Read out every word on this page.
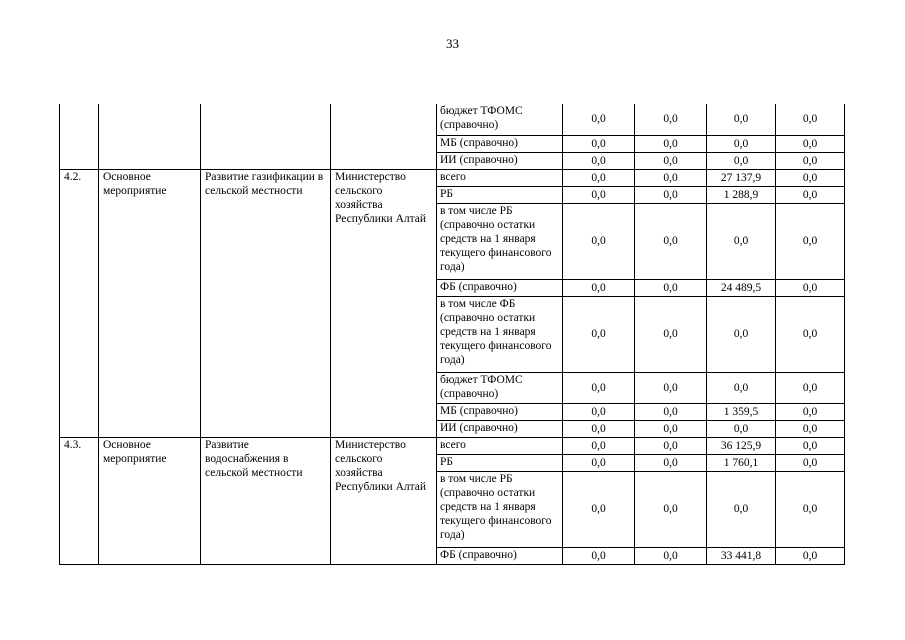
33
				бюджет ТФОМС (справочно)	0,0	0,0	0,0	0,0
				МБ (справочно)	0,0	0,0	0,0	0,0
				ИИ (справочно)	0,0	0,0	0,0	0,0
4.2.	Основное мероприятие	Развитие газификации в сельской местности	Министерство сельского хозяйства Республики Алтай	всего	0,0	0,0	27 137,9	0,0
				РБ	0,0	0,0	1 288,9	0,0
				в том числе РБ (справочно остатки средств на 1 января текущего финансового года)	0,0	0,0	0,0	0,0
				ФБ (справочно)	0,0	0,0	24 489,5	0,0
				в том числе ФБ (справочно остатки средств на 1 января текущего финансового года)	0,0	0,0	0,0	0,0
				бюджет ТФОМС (справочно)	0,0	0,0	0,0	0,0
				МБ (справочно)	0,0	0,0	1 359,5	0,0
				ИИ (справочно)	0,0	0,0	0,0	0,0
4.3.	Основное мероприятие	Развитие водоснабжения в сельской местности	Министерство сельского хозяйства Республики Алтай	всего	0,0	0,0	36 125,9	0,0
				РБ	0,0	0,0	1 760,1	0,0
				в том числе РБ (справочно остатки средств на 1 января текущего финансового года)	0,0	0,0	0,0	0,0
				ФБ (справочно)	0,0	0,0	33 441,8	0,0
